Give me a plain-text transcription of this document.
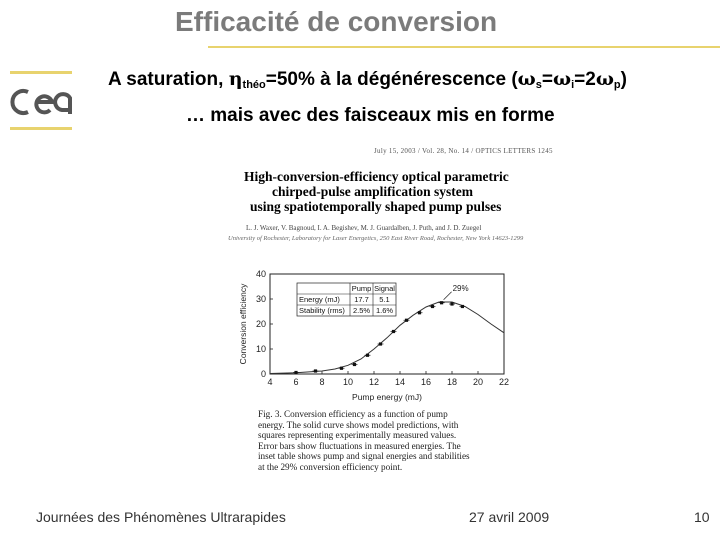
Efficacité de conversion
A saturation, $\eta_{théo}=50\%$ à la dégénérescence $(\omega_s=\omega_i=2\omega_p)$
… mais avec des faisceaux mis en forme
July 15, 2003 / Vol. 28, No. 14 / OPTICS LETTERS 1245
High-conversion-efficiency optical parametric
chirped-pulse amplification system
using spatiotemporally shaped pump pulses
L. J. Waxer, V. Bagnoud, I. A. Begishev, M. J. Guardalben, J. Puth, and J. D. Zuegel
University of Rochester, Laboratory for Laser Energetics, 250 East River Road, Rochester, New York 14623-1299
4 6 8 10 12 14 16 18 20 22
0
10
20
30
40
Pump energy (mJ)
Conversion efficiency	29%
Pump Signal
Energy (mJ) 17.7 5.1
Stability (rms) 2.5% 1.6%
Fig. 3. Conversion efficiency as a function of pump
energy. The solid curve shows model predictions, with
squares representing experimentally measured values.
Error bars show fluctuations in measured energies. The
inset table shows pump and signal energies and stabilities
at the 29% conversion efficiency point.
Journées des Phénomènes Ultrarapides	27 avril 2009	10
